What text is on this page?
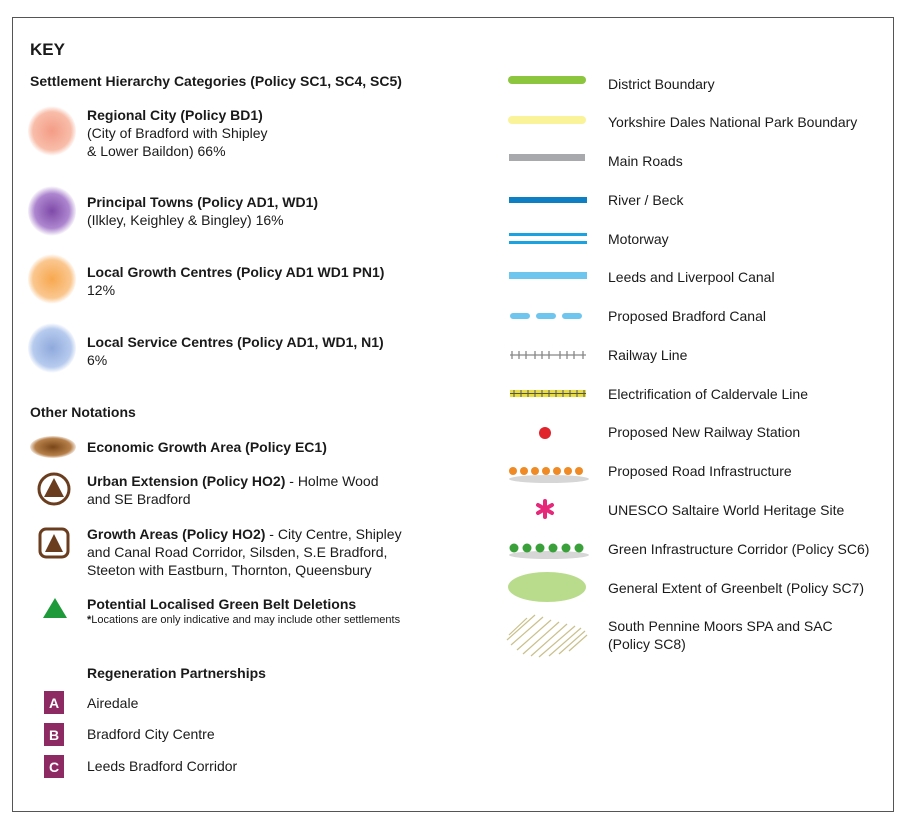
KEY
Settlement Hierarchy Categories (Policy SC1, SC4, SC5)
Regional City (Policy BD1)
(City of Bradford with Shipley
& Lower Baildon) 66%
Principal Towns (Policy AD1, WD1)
(Ilkley, Keighley & Bingley) 16%
Local Growth Centres (Policy AD1 WD1 PN1)
12%
Local Service Centres (Policy AD1, WD1, N1)
6%
Other Notations
Economic Growth Area (Policy EC1)
Urban Extension (Policy HO2) - Holme Wood
and SE Bradford
Growth Areas (Policy HO2) - City Centre, Shipley
and Canal Road Corridor, Silsden, S.E Bradford,
Steeton with Eastburn, Thornton, Queensbury
Potential Localised Green Belt Deletions
*Locations are only indicative and may include other settlements
Regeneration Partnerships
A	Airedale
B	Bradford City Centre
C	Leeds Bradford Corridor
District Boundary
Yorkshire Dales National Park Boundary
Main Roads
River / Beck
Motorway
Leeds and Liverpool Canal
Proposed Bradford Canal
Railway Line
Electrification of Caldervale Line
Proposed New Railway Station
Proposed Road Infrastructure
UNESCO Saltaire World Heritage Site
Green Infrastructure Corridor (Policy SC6)
General Extent of Greenbelt (Policy SC7)
South Pennine Moors SPA and SAC
(Policy SC8)
